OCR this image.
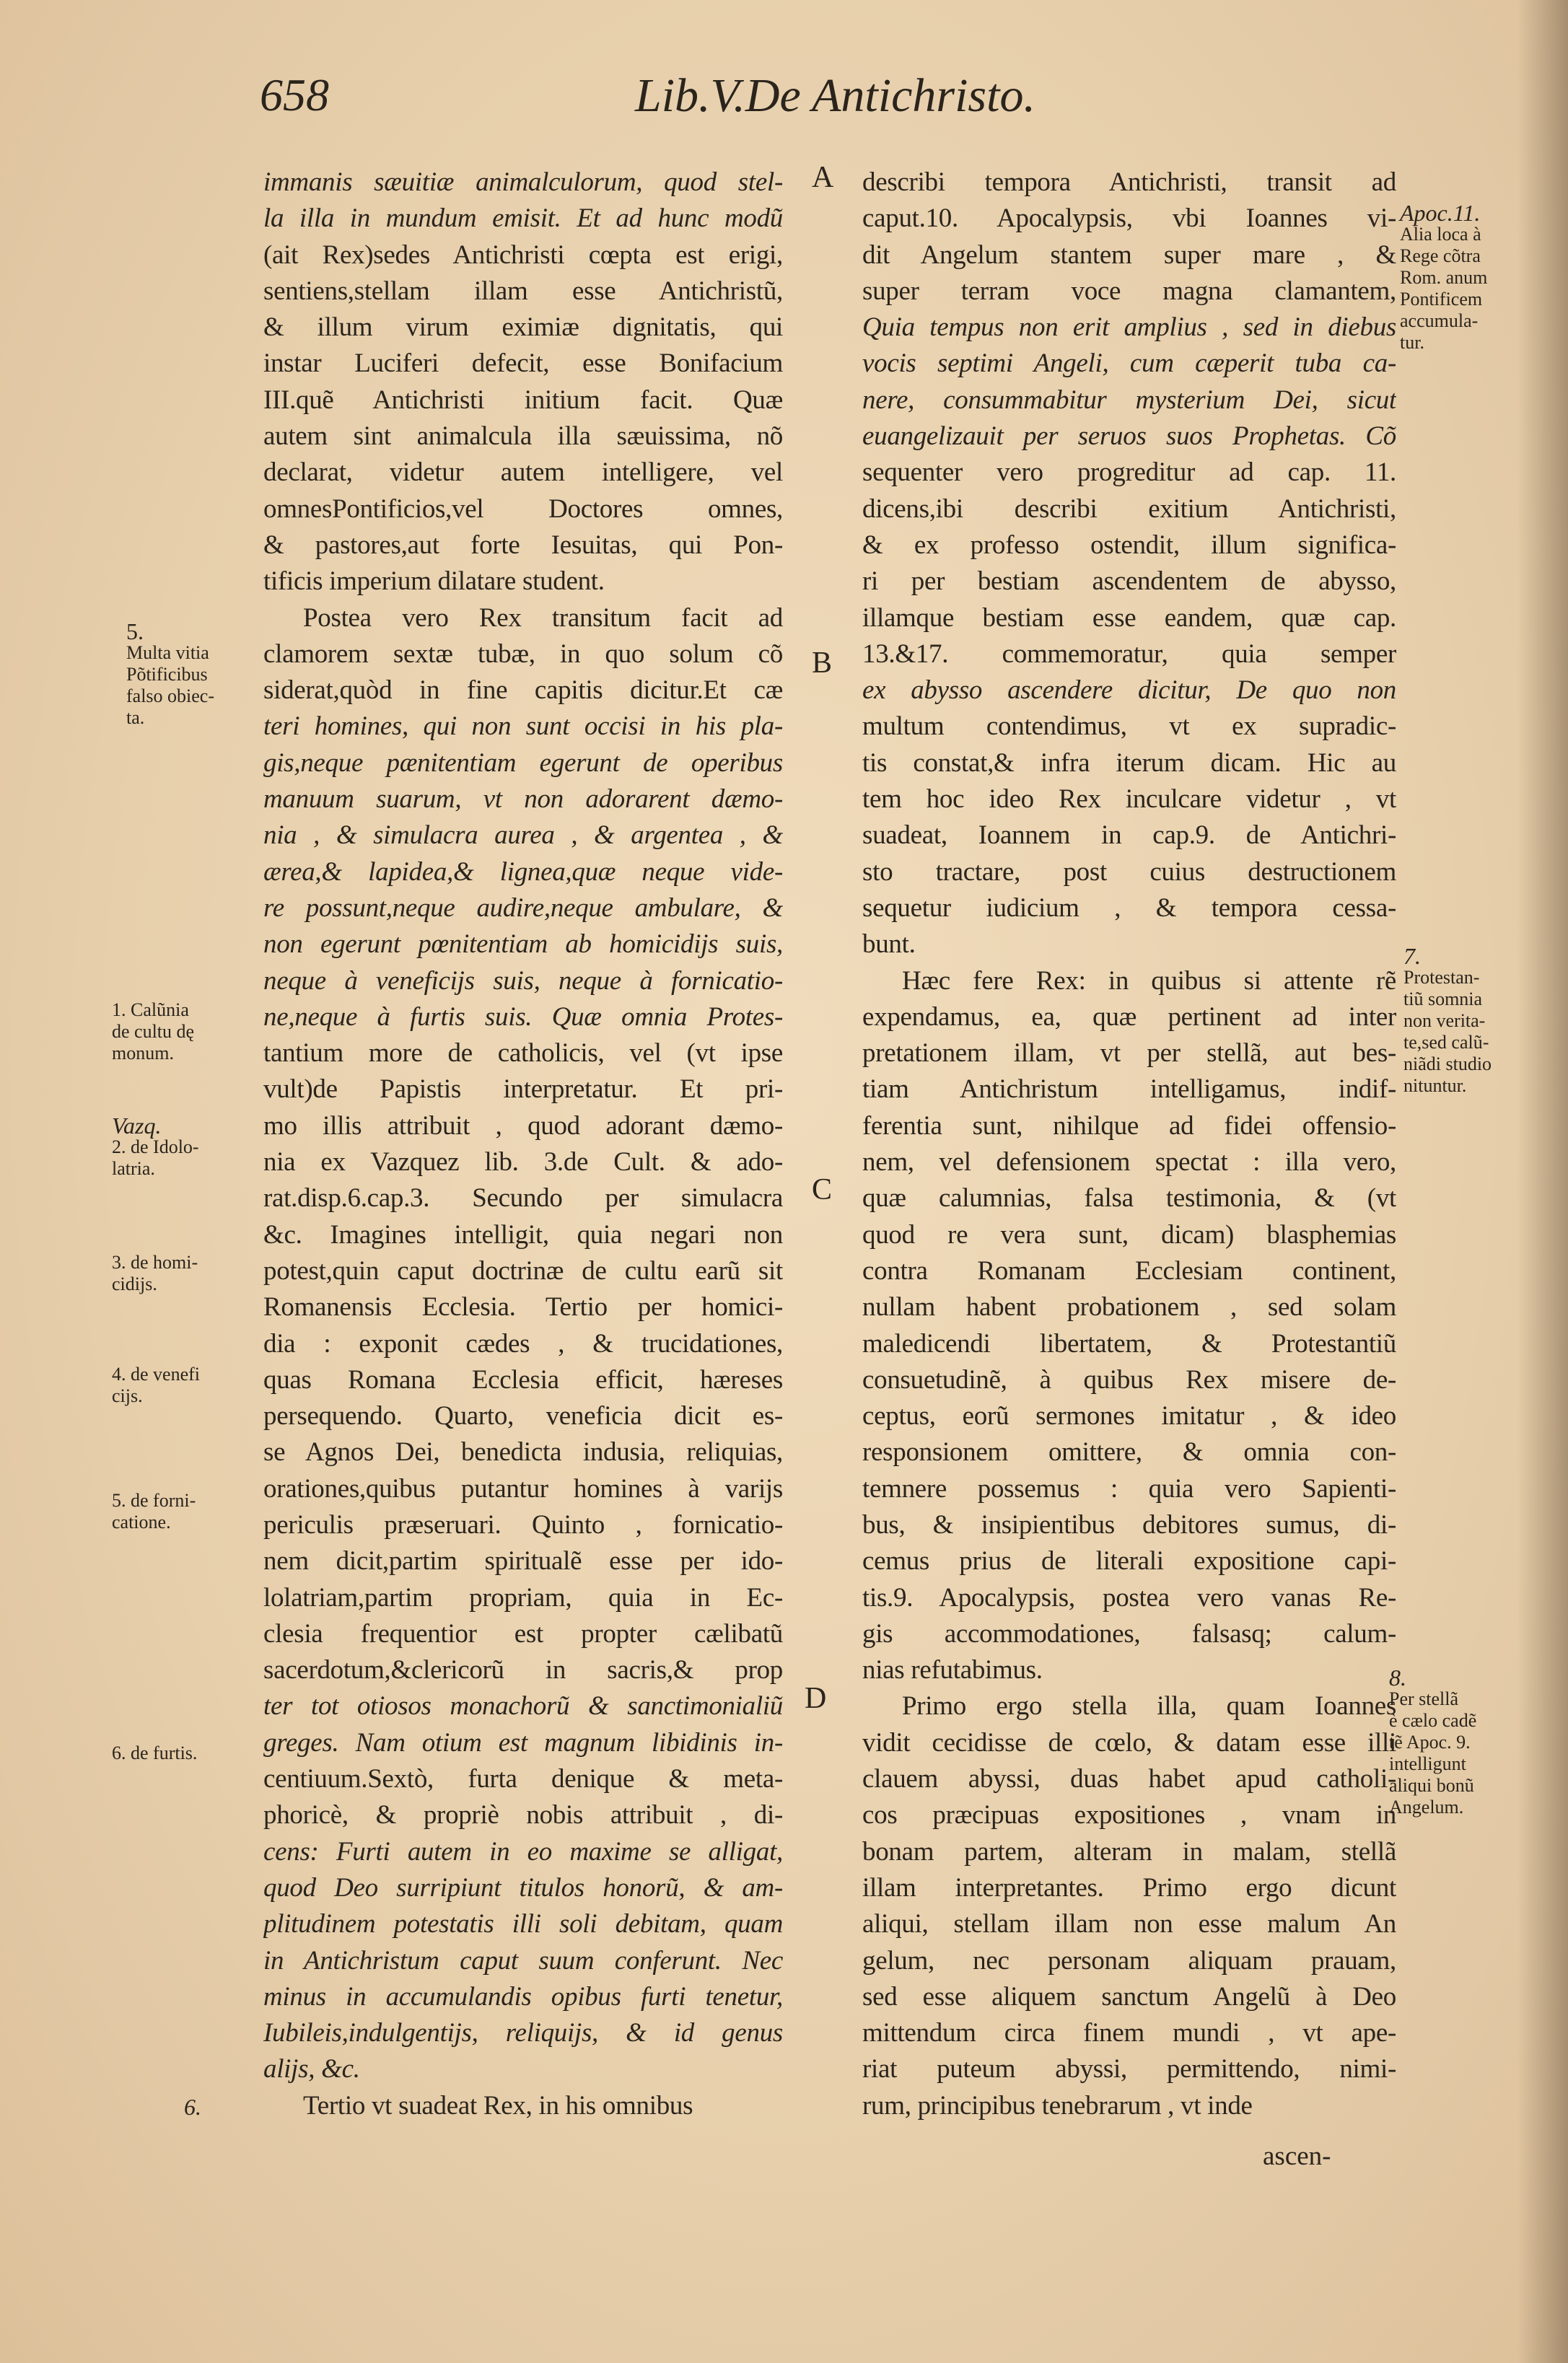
658	Lib.V.De Antichristo.
immanis sæuitiæ animalculorum, quod stel-
la illa in mundum emisit. Et ad hunc modũ
(ait Rex)sedes Antichristi cœpta est erigi,
sentiens,stellam illam esse Antichristũ,
& illum virum eximiæ dignitatis, qui
instar Luciferi defecit, esse Bonifacium
III.quẽ Antichristi initium facit. Quæ
autem sint animalcula illa sæuissima, nõ
declarat, videtur autem intelligere, vel
omnesPontificios,vel Doctores omnes,
& pastores,aut forte Iesuitas, qui Pon-
tificis imperium dilatare student.
Postea vero Rex transitum facit ad
clamorem sextæ tubæ, in quo solum cõ
siderat,quòd in fine capitis dicitur.Et cæ
teri homines, qui non sunt occisi in his pla-
gis,neque pænitentiam egerunt de operibus
manuum suarum, vt non adorarent dæmo-
nia , & simulacra aurea , & argentea , &
ærea,& lapidea,& lignea,quæ neque vide-
re possunt,neque audire,neque ambulare, &
non egerunt pœnitentiam ab homicidijs suis,
neque à veneficijs suis, neque à fornicatio-
ne,neque à furtis suis. Quæ omnia Protes-
tantium more de catholicis, vel (vt ipse
vult)de Papistis interpretatur. Et pri-
mo illis attribuit , quod adorant dæmo-
nia ex Vazquez lib. 3.de Cult. & ado-
rat.disp.6.cap.3. Secundo per simulacra
&c. Imagines intelligit, quia negari non
potest,quin caput doctrinæ de cultu earũ sit
Romanensis Ecclesia. Tertio per homici-
dia : exponit cædes , & trucidationes,
quas Romana Ecclesia efficit, hæreses
persequendo. Quarto, veneficia dicit es-
se Agnos Dei, benedicta indusia, reliquias,
orationes,quibus putantur homines à varijs
periculis præseruari. Quinto , fornicatio-
nem dicit,partim spiritualẽ esse per ido-
lolatriam,partim propriam, quia in Ec-
clesia frequentior est propter cælibatũ
sacerdotum,&clericorũ in sacris,& prop
ter tot otiosos monachorũ & sanctimonialiũ
greges. Nam otium est magnum libidinis in-
centiuum.Sextò, furta denique & meta-
phoricè, & propriè nobis attribuit , di-
cens: Furti autem in eo maxime se alligat,
quod Deo surripiunt titulos honorũ, & am-
plitudinem potestatis illi soli debitam, quam
in Antichristum caput suum conferunt. Nec
minus in accumulandis opibus furti tenetur,
Iubileis,indulgentijs, reliquijs, & id genus
alijs, &c.
Tertio vt suadeat Rex, in his omnibus
describi tempora Antichristi, transit ad
caput.10. Apocalypsis, vbi Ioannes vi-
dit Angelum stantem super mare , &
super terram voce magna clamantem,
Quia tempus non erit amplius , sed in diebus
vocis septimi Angeli, cum cæperit tuba ca-
nere, consummabitur mysterium Dei, sicut
euangelizauit per seruos suos Prophetas. Cõ
sequenter vero progreditur ad cap. 11.
dicens,ibi describi exitium Antichristi,
& ex professo ostendit, illum significa-
ri per bestiam ascendentem de abysso,
illamque bestiam esse eandem, quæ cap.
13.&17. commemoratur, quia semper
ex abysso ascendere dicitur, De quo non
multum contendimus, vt ex supradic-
tis constat,& infra iterum dicam. Hic au
tem hoc ideo Rex inculcare videtur , vt
suadeat, Ioannem in cap.9. de Antichri-
sto tractare, post cuius destructionem
sequetur iudicium , & tempora cessa-
bunt.
Hæc fere Rex: in quibus si attente rẽ
expendamus, ea, quæ pertinent ad inter
pretationem illam, vt per stellã, aut bes-
tiam Antichristum intelligamus, indif-
ferentia sunt, nihilque ad fidei offensio-
nem, vel defensionem spectat : illa vero,
quæ calumnias, falsa testimonia, & (vt
quod re vera sunt, dicam) blasphemias
contra Romanam Ecclesiam continent,
nullam habent probationem , sed solam
maledicendi libertatem, & Protestantiũ
consuetudinẽ, à quibus Rex misere de-
ceptus, eorũ sermones imitatur , & ideo
responsionem omittere, & omnia con-
temnere possemus : quia vero Sapienti-
bus, & insipientibus debitores sumus, di-
cemus prius de literali expositione capi-
tis.9. Apocalypsis, postea vero vanas Re-
gis accommodationes, falsasq; calum-
nias refutabimus.
Primo ergo stella illa, quam Ioannes
vidit cecidisse de cœlo, & datam esse illi
clauem abyssi, duas habet apud catholi-
cos præcipuas expositiones , vnam in
bonam partem, alteram in malam, stellã
illam interpretantes. Primo ergo dicunt
aliqui, stellam illam non esse malum An
gelum, nec personam aliquam prauam,
sed esse aliquem sanctum Angelũ à Deo
mittendum circa finem mundi , vt ape-
riat puteum abyssi, permittendo, nimi-
rum, principibus tenebrarum , vt inde
A
B
C
D
5.
Multa vitia
Põtificibus
falso obiec-
ta.
1. Calũnia
de cultu dę
monum.
Vazq.
2. de Idolo-
latria.
3. de homi-
cidijs.
4. de venefi
cijs.
5. de forni-
catione.
6. de furtis.
6.
Apoc.11.
Alia loca à
Rege cõtra
Rom. anum
Pontificem
accumula-
tur.
7.
Protestan-
tiũ somnia
non verita-
te,sed calũ-
niãdi studio
nituntur.
8.
Per stellã
è cælo cadẽ
tẽ Apoc. 9.
intelligunt
aliqui bonũ
Angelum.
ascen-
